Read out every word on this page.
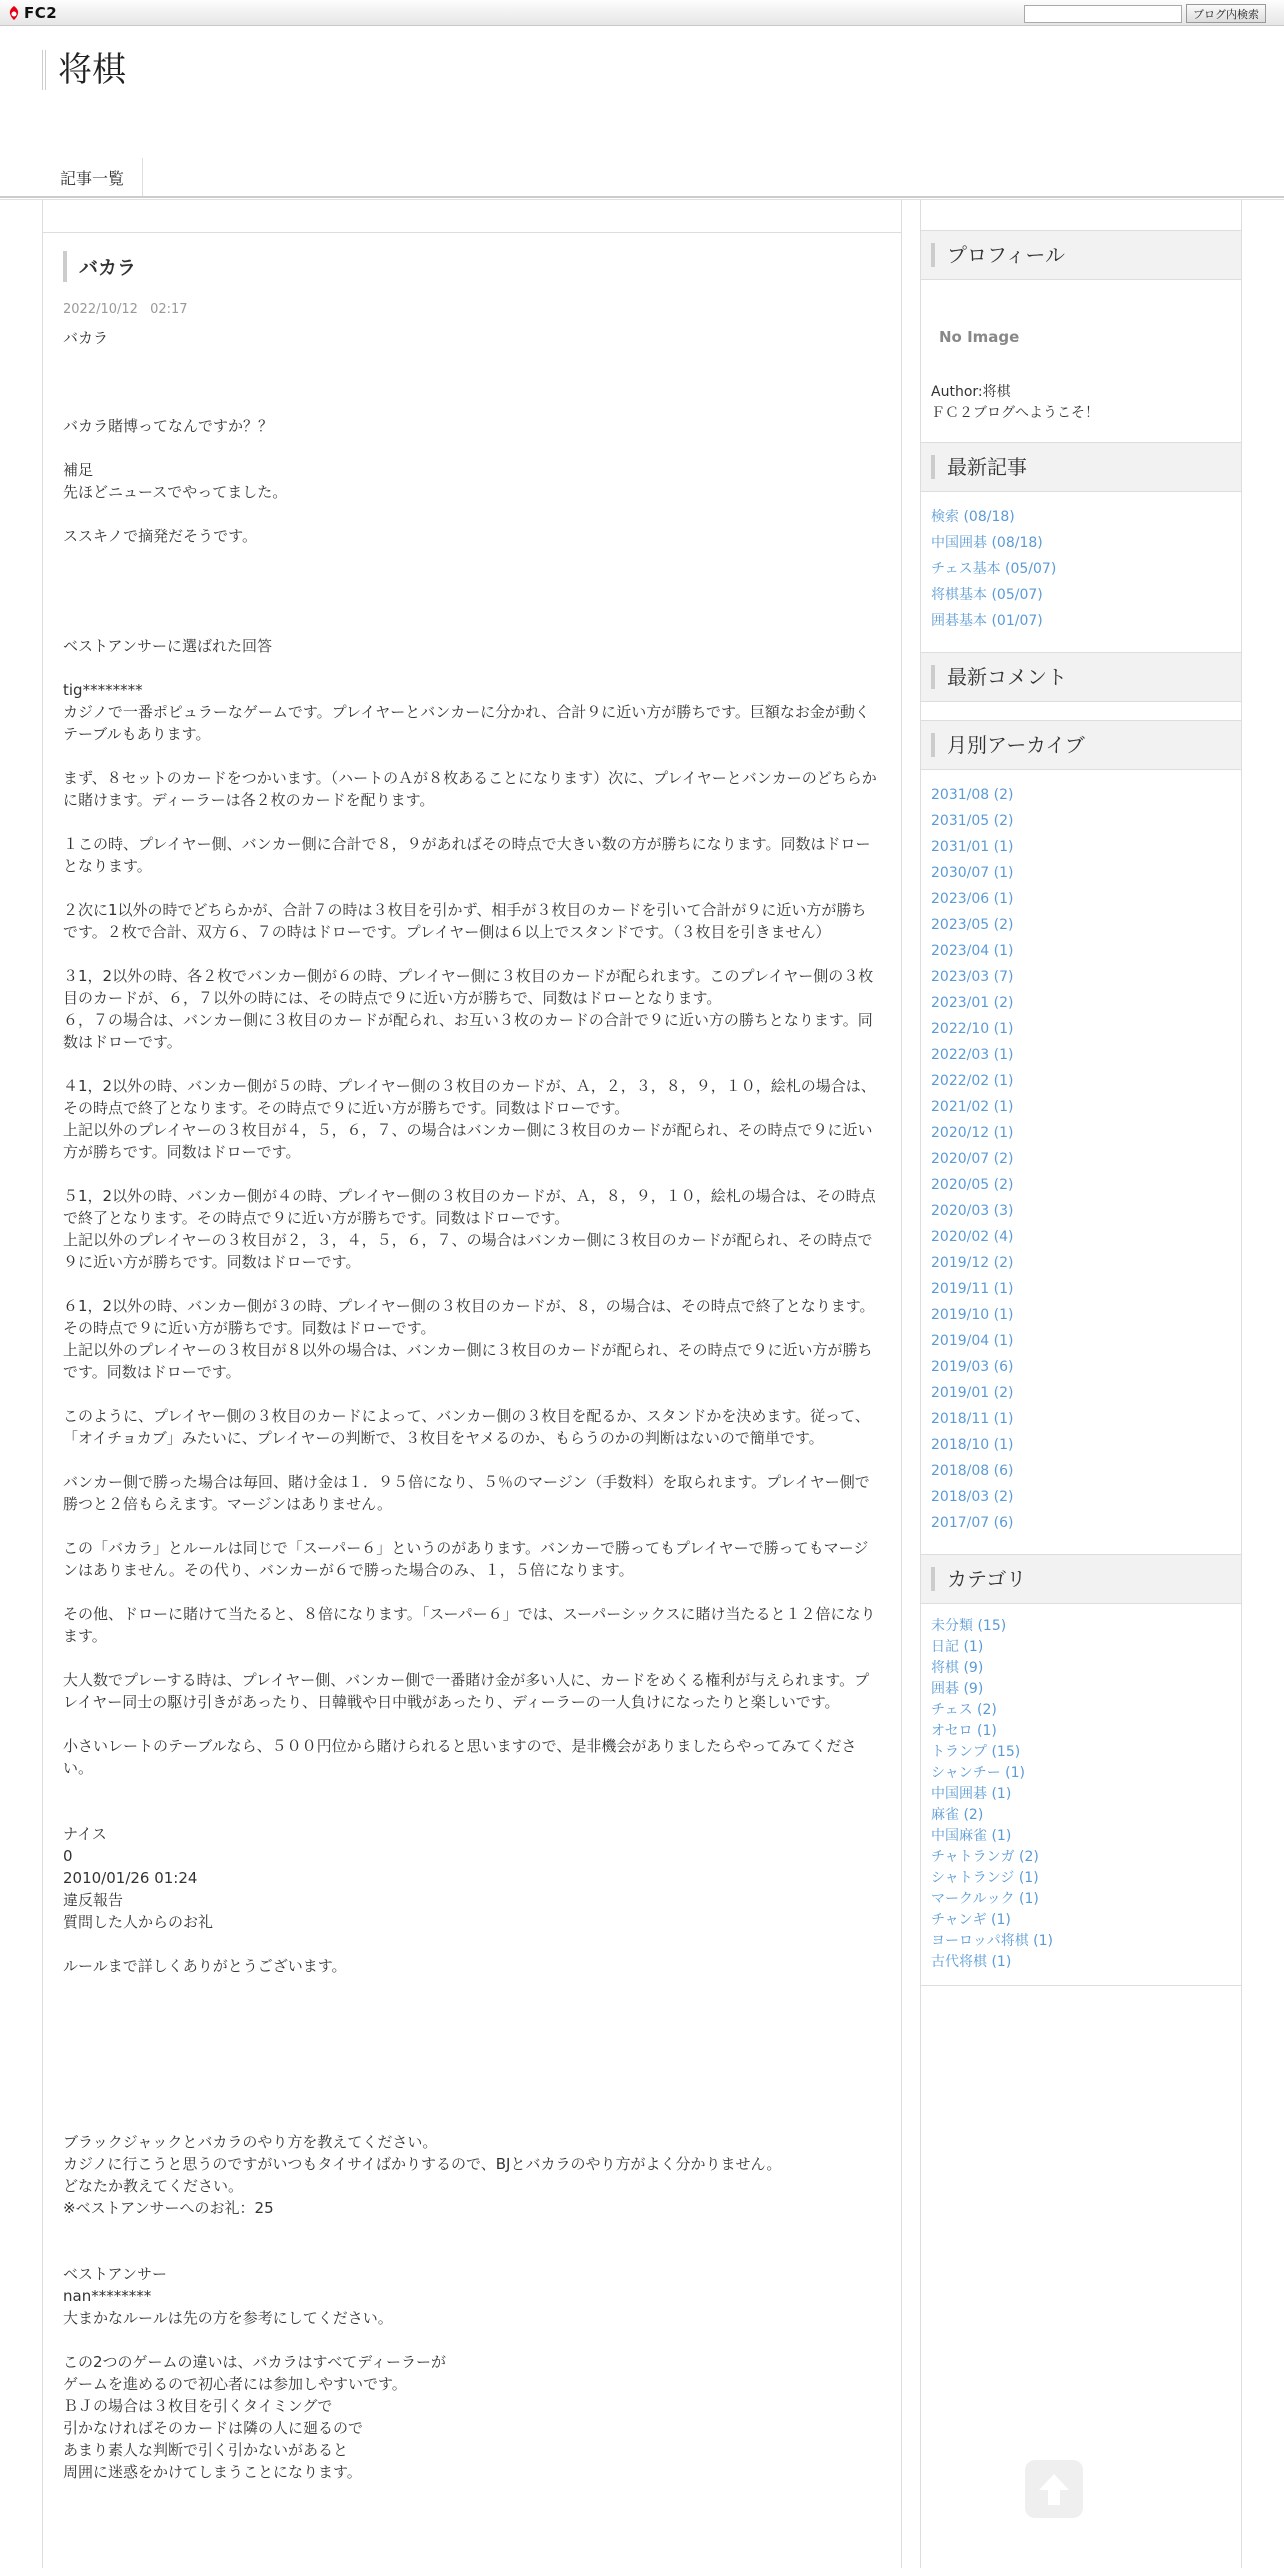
FC2	ブログ内検索
将棋
記事一覧
バカラ
2022/10/12 02:17

バカラ

バカラ賭博ってなんですか？？

補足

先ほどニュースでやってました。

ススキノで摘発だそうです。

ベストアンサーに選ばれた回答

tig********

カジノで一番ポピュラーなゲームです。プレイヤーとバンカーに分かれ、合計９に近い方が勝ちです。巨額なお金が動くテーブルもあります。

まず、８セットのカードをつかいます。（ハートのＡが８枚あることになります）次に、プレイヤーとバンカーのどちらかに賭けます。ディーラーは各２枚のカードを配ります。

１この時、プレイヤー側、バンカー側に合計で８，９があればその時点で大きい数の方が勝ちになります。同数はドローとなります。

２次に1以外の時でどちらかが、合計７の時は３枚目を引かず、相手が３枚目のカードを引いて合計が９に近い方が勝ちです。２枚で合計、双方６、７の時はドローです。プレイヤー側は６以上でスタンドです。（３枚目を引きません）

３1，2以外の時、各２枚でバンカー側が６の時、プレイヤー側に３枚目のカードが配られます。このプレイヤー側の３枚目のカードが、６，７以外の時には、その時点で９に近い方が勝ちで、同数はドローとなります。

６，７の場合は、バンカー側に３枚目のカードが配られ、お互い３枚のカードの合計で９に近い方の勝ちとなります。同数はドローです。

４1，2以外の時、バンカー側が５の時、プレイヤー側の３枚目のカードが、Ａ，２，３，８，９，１０，絵札の場合は、その時点で終了となります。その時点で９に近い方が勝ちです。同数はドローです。

上記以外のプレイヤーの３枚目が４，５，６，７、の場合はバンカー側に３枚目のカードが配られ、その時点で９に近い方が勝ちです。同数はドローです。

５1，2以外の時、バンカー側が４の時、プレイヤー側の３枚目のカードが、Ａ，８，９，１０，絵札の場合は、その時点で終了となります。その時点で９に近い方が勝ちです。同数はドローです。

上記以外のプレイヤーの３枚目が２，３，４，５，６，７、の場合はバンカー側に３枚目のカードが配られ、その時点で９に近い方が勝ちです。同数はドローです。

６1，2以外の時、バンカー側が３の時、プレイヤー側の３枚目のカードが、８，の場合は、その時点で終了となります。その時点で９に近い方が勝ちです。同数はドローです。

上記以外のプレイヤーの３枚目が８以外の場合は、バンカー側に３枚目のカードが配られ、その時点で９に近い方が勝ちです。同数はドローです。

このように、プレイヤー側の３枚目のカードによって、バンカー側の３枚目を配るか、スタンドかを決めます。従って、「オイチョカブ」みたいに、プレイヤーの判断で、３枚目をヤメるのか、もらうのかの判断はないので簡単です。

バンカー側で勝った場合は毎回、賭け金は１．９５倍になり、５％のマージン（手数料）を取られます。プレイヤー側で勝つと２倍もらえます。マージンはありません。

この「バカラ」とルールは同じで「スーパー６」というのがあります。バンカーで勝ってもプレイヤーで勝ってもマージンはありません。その代り、バンカーが６で勝った場合のみ、１，５倍になります。

その他、ドローに賭けて当たると、８倍になります。「スーパー６」では、スーパーシックスに賭け当たると１２倍になります。

大人数でプレーする時は、プレイヤー側、バンカー側で一番賭け金が多い人に、カードをめくる権利が与えられます。プレイヤー同士の駆け引きがあったり、日韓戦や日中戦があったり、ディーラーの一人負けになったりと楽しいです。

小さいレートのテーブルなら、５００円位から賭けられると思いますので、是非機会がありましたらやってみてください。

ナイス

0

2010/01/26 01:24

違反報告

質問した人からのお礼

ルールまで詳しくありがとうございます。

ブラックジャックとバカラのやり方を教えてください。

カジノに行こうと思うのですがいつもタイサイばかりするので、BJとバカラのやり方がよく分かりません。

どなたか教えてください。

※ベストアンサーへのお礼：25

ベストアンサー

nan********

大まかなルールは先の方を参考にしてください。

この2つのゲームの違いは、バカラはすべてディーラーが

ゲームを進めるので初心者には参加しやすいです。

ＢＪの場合は３枚目を引くタイミングで

引かなければそのカードは隣の人に廻るので

あまり素人な判断で引く引かないがあると

周囲に迷惑をかけてしまうことになります。

プロフィール
No Image
Author:将棋
ＦＣ２ブログへようこそ！
最新記事
検索 (08/18)
中国囲碁 (08/18)
チェス基本 (05/07)
将棋基本 (05/07)
囲碁基本 (01/07)
最新コメント
月別アーカイブ
2031/08 (2)
2031/05 (2)
2031/01 (1)
2030/07 (1)
2023/06 (1)
2023/05 (2)
2023/04 (1)
2023/03 (7)
2023/01 (2)
2022/10 (1)
2022/03 (1)
2022/02 (1)
2021/02 (1)
2020/12 (1)
2020/07 (2)
2020/05 (2)
2020/03 (3)
2020/02 (4)
2019/12 (2)
2019/11 (1)
2019/10 (1)
2019/04 (1)
2019/03 (6)
2019/01 (2)
2018/11 (1)
2018/10 (1)
2018/08 (6)
2018/03 (2)
2017/07 (6)
カテゴリ
未分類 (15)
日記 (1)
将棋 (9)
囲碁 (9)
チェス (2)
オセロ (1)
トランプ (15)
シャンチー (1)
中国囲碁 (1)
麻雀 (2)
中国麻雀 (1)
チャトランガ (2)
シャトランジ (1)
マークルック (1)
チャンギ (1)
ヨーロッパ将棋 (1)
古代将棋 (1)
